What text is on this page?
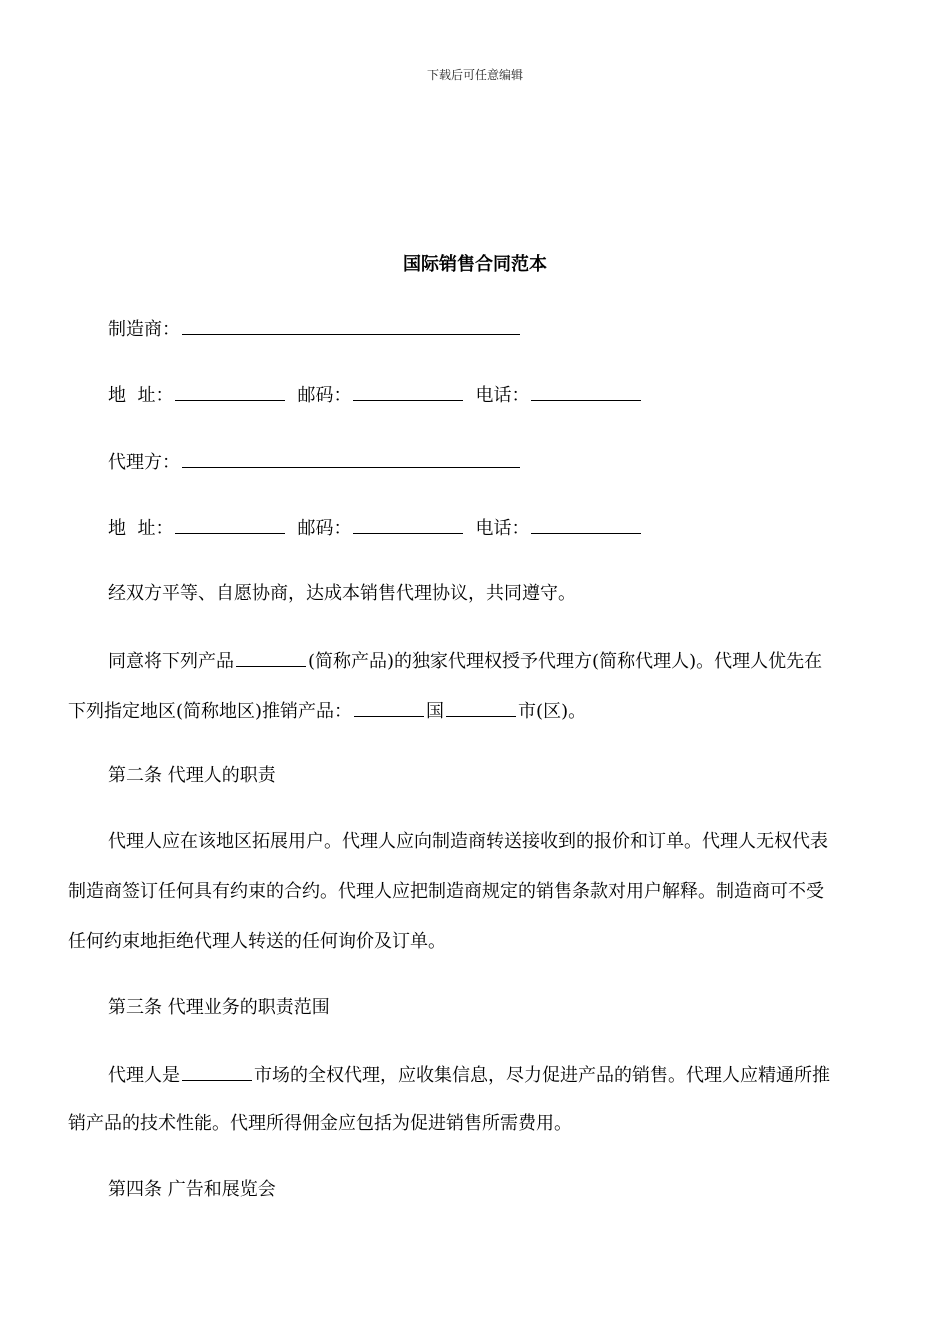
下载后可任意编辑
国际销售合同范本
制造商：
地  址：	邮码：	电话：
代理方：
地  址：	邮码：	电话：
经双方平等、自愿协商，达成本销售代理协议，共同遵守。
同意将下列产品	(简称产品)的独家代理权授予代理方(简称代理人)。代理人优先在
下列指定地区(简称地区)推销产品：	国	市(区)。
第二条 代理人的职责
代理人应在该地区拓展用户。代理人应向制造商转送接收到的报价和订单。代理人无权代表
制造商签订任何具有约束的合约。代理人应把制造商规定的销售条款对用户解释。制造商可不受
任何约束地拒绝代理人转送的任何询价及订单。
第三条 代理业务的职责范围
代理人是	市场的全权代理，应收集信息，尽力促进产品的销售。代理人应精通所推
销产品的技术性能。代理所得佣金应包括为促进销售所需费用。
第四条 广告和展览会
